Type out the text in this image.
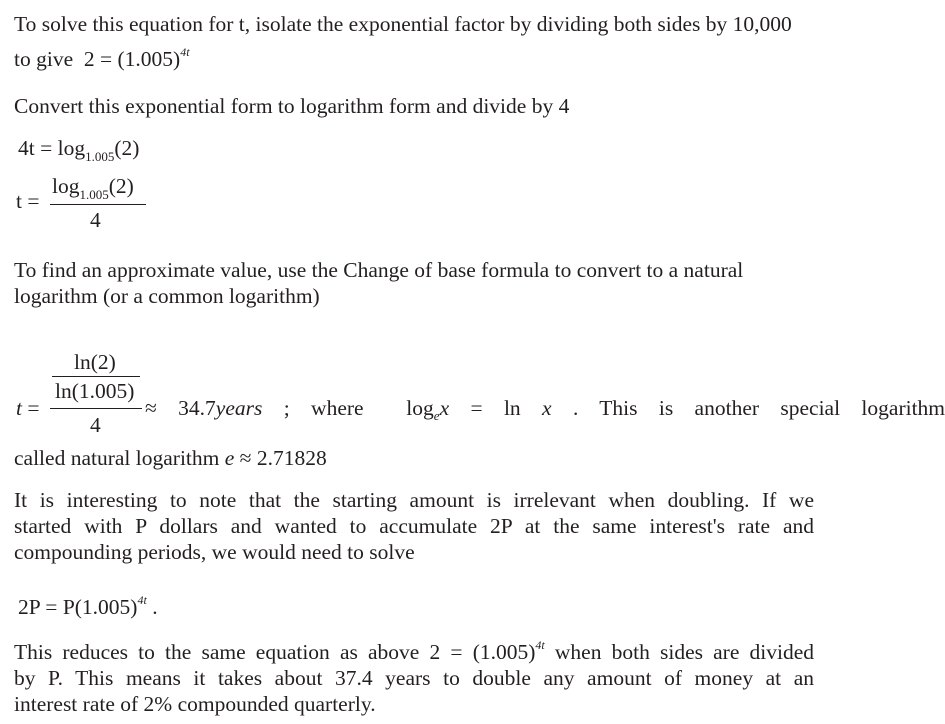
To solve this equation for t, isolate the exponential factor by dividing both sides by 10,000
to give $2 = (1.005)^{4t}$
Convert this exponential form to logarithm form and divide by 4
$4t = \log_{1.005}(2)$
t =
$\log_{1.005}(2)$
4
To find an approximate value, use the Change of base formula to convert to a natural
logarithm (or a common logarithm)
ln(2)
ln(1.005)
t =
4
≈ 34.7years ; where $\log_ex = \ln x$ . This is another special logarithm
called natural logarithm e ≈ 2.71828
It is interesting to note that the starting amount is irrelevant when doubling. If we
started with P dollars and wanted to accumulate 2P at the same interest's rate and
compounding periods, we would need to solve
$2P = P(1.005)^{4t}$ .
This reduces to the same equation as above $2 = (1.005)^{4t}$ when both sides are divided
by P. This means it takes about 37.4 years to double any amount of money at an
interest rate of 2% compounded quarterly.
